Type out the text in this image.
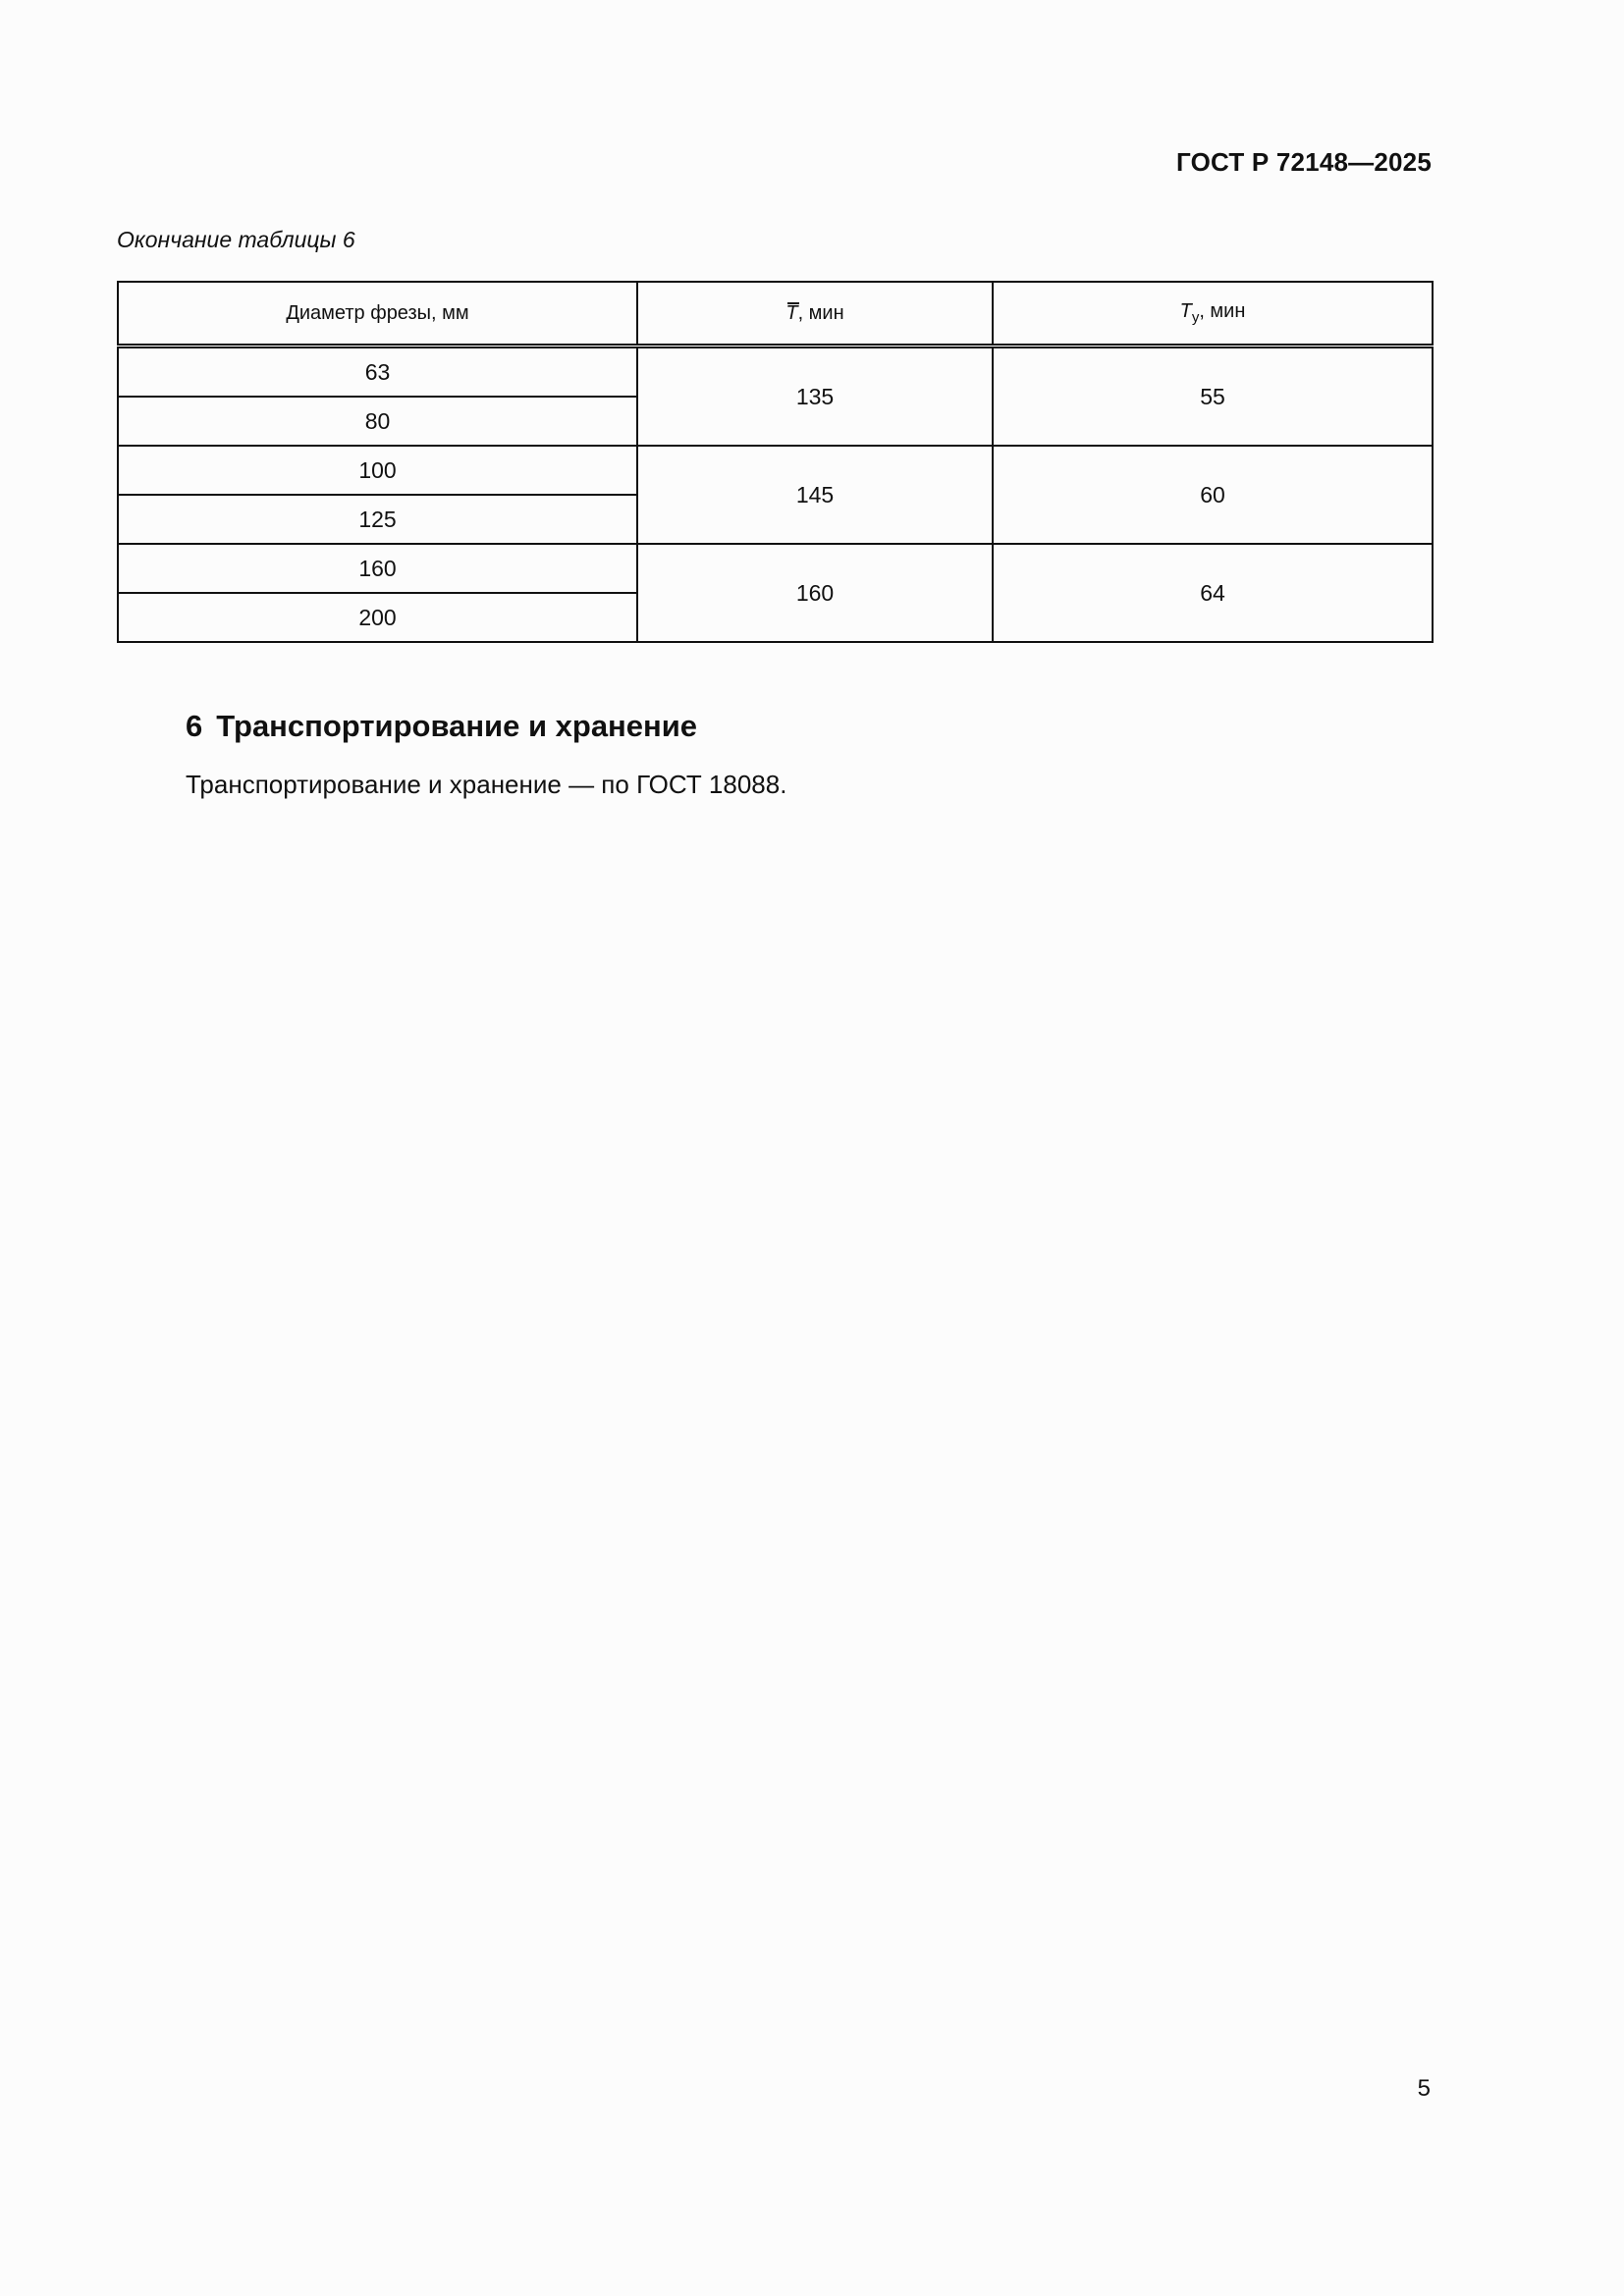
ГОСТ Р 72148—2025

Окончание таблицы 6

Диаметр фрезы, мм	T, мин	$T_у$, мин
63	135	55
80		
100	145	60
125		
160	160	64
200		
6 Транспортирование и хранение

Транспортирование и хранение — по ГОСТ 18088.

5
